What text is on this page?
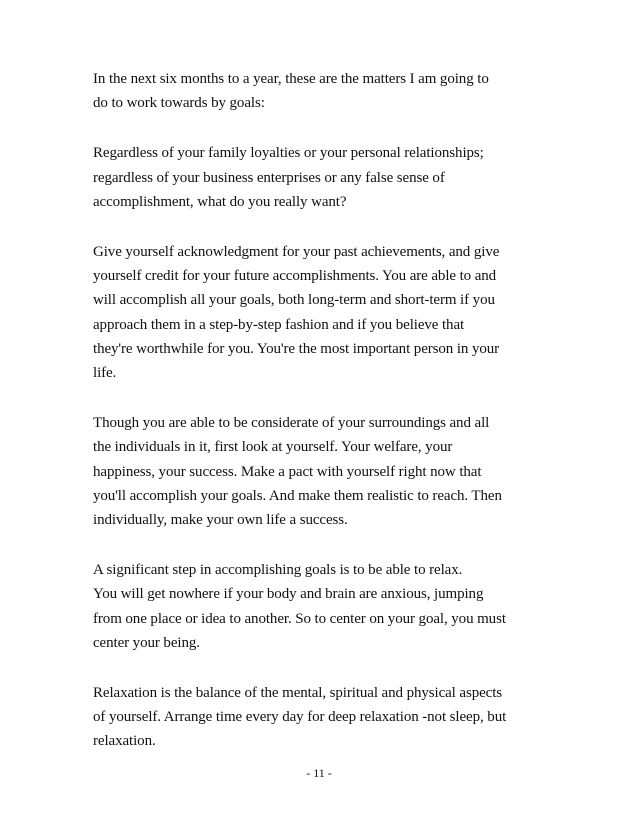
In the next six months to a year, these are the matters I am going to
do to work towards by goals:

Regardless of your family loyalties or your personal relationships;
regardless of your business enterprises or any false sense of
accomplishment, what do you really want?

Give yourself acknowledgment for your past achievements, and give
yourself credit for your future accomplishments. You are able to and
will accomplish all your goals, both long-term and short-term if you
approach them in a step-by-step fashion and if you believe that
they're worthwhile for you. You're the most important person in your
life.

Though you are able to be considerate of your surroundings and all
the individuals in it, first look at yourself. Your welfare, your
happiness, your success. Make a pact with yourself right now that
you'll accomplish your goals. And make them realistic to reach. Then
individually, make your own life a success.

A significant step in accomplishing goals is to be able to relax.
You will get nowhere if your body and brain are anxious, jumping
from one place or idea to another. So to center on your goal, you must
center your being.

Relaxation is the balance of the mental, spiritual and physical aspects
of yourself. Arrange time every day for deep relaxation -not sleep, but
relaxation.

- 11 -
